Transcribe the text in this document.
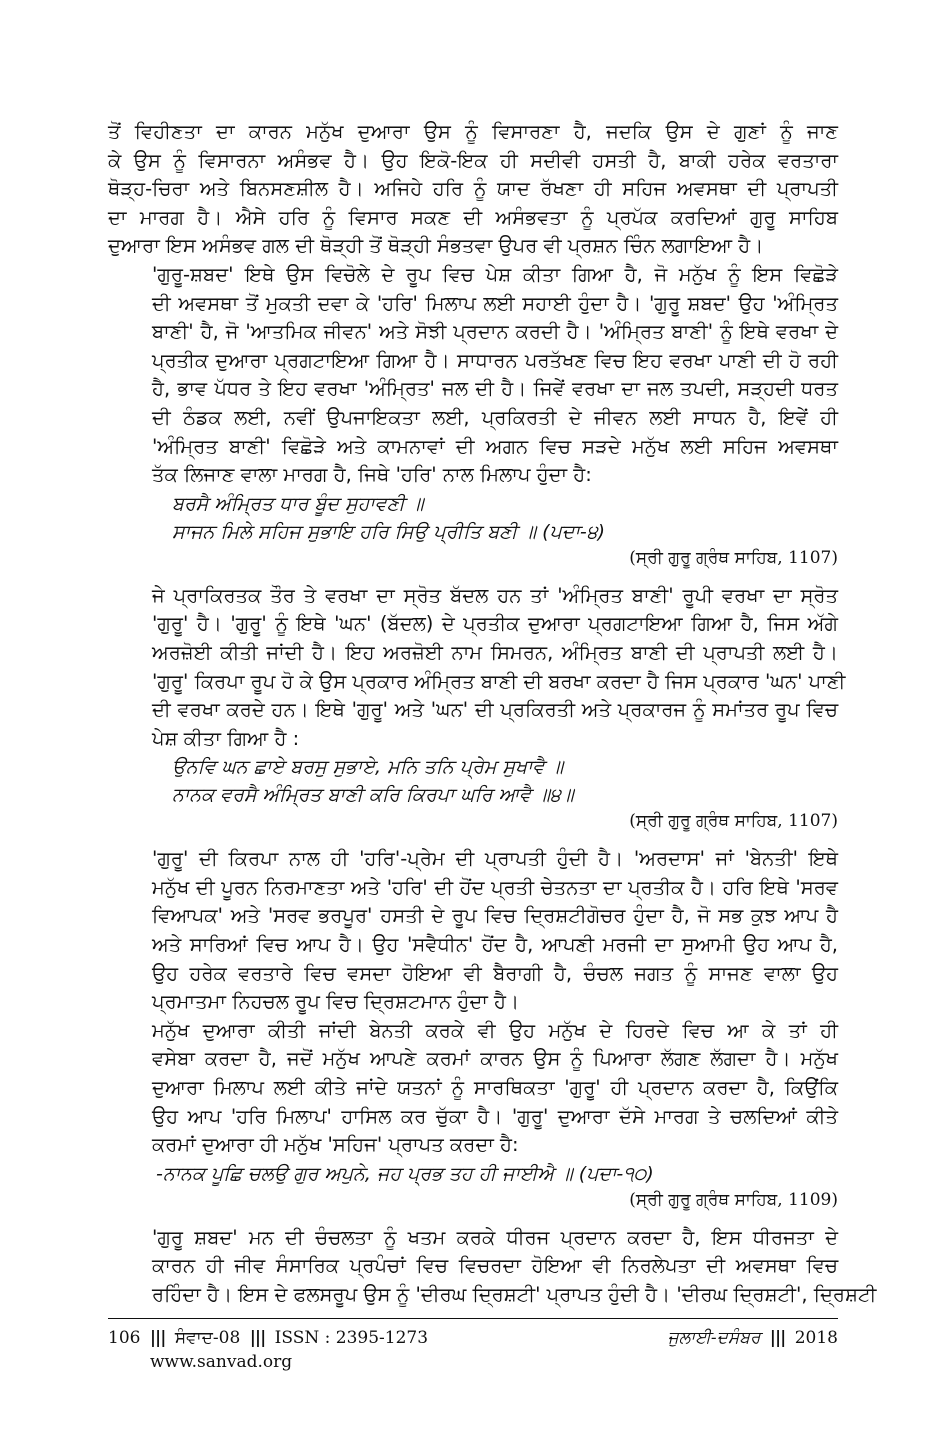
ਤੋਂ ਵਿਹੀਣਤਾ ਦਾ ਕਾਰਨ ਮਨੁੱਖ ਦੁਆਰਾ ਉਸ ਨੂੰ ਵਿਸਾਰਣਾ ਹੈ, ਜਦਕਿ ਉਸ ਦੇ ਗੁਣਾਂ ਨੂੰ ਜਾਣ
ਕੇ ਉਸ ਨੂੰ ਵਿਸਾਰਨਾ ਅਸੰਭਵ ਹੈ। ਉਹ ਇਕੋ-ਇਕ ਹੀ ਸਦੀਵੀ ਹਸਤੀ ਹੈ, ਬਾਕੀ ਹਰੇਕ ਵਰਤਾਰਾ
ਥੋੜ੍ਹ-ਚਿਰਾ ਅਤੇ ਬਿਨਸਣਸ਼ੀਲ ਹੈ। ਅਜਿਹੇ ਹਰਿ ਨੂੰ ਯਾਦ ਰੱਖਣਾ ਹੀ ਸਹਿਜ ਅਵਸਥਾ ਦੀ ਪ੍ਰਾਪਤੀ
ਦਾ ਮਾਰਗ ਹੈ। ਐਸੇ ਹਰਿ ਨੂੰ ਵਿਸਾਰ ਸਕਣ ਦੀ ਅਸੰਭਵਤਾ ਨੂੰ ਪ੍ਰਪੱਕ ਕਰਦਿਆਂ ਗੁਰੂ ਸਾਹਿਬ
ਦੁਆਰਾ ਇਸ ਅਸੰਭਵ ਗਲ ਦੀ ਥੋੜ੍ਹੀ ਤੋਂ ਥੋੜ੍ਹੀ ਸੰਭਤਵਾ ਉਪਰ ਵੀ ਪ੍ਰਸ਼ਨ ਚਿੰਨ ਲਗਾਇਆ ਹੈ।

'ਗੁਰੂ-ਸ਼ਬਦ' ਇਥੇ ਉਸ ਵਿਚੋਲੇ ਦੇ ਰੂਪ ਵਿਚ ਪੇਸ਼ ਕੀਤਾ ਗਿਆ ਹੈ, ਜੋ ਮਨੁੱਖ ਨੂੰ ਇਸ ਵਿਛੋੜੇ
ਦੀ ਅਵਸਥਾ ਤੋਂ ਮੁਕਤੀ ਦਵਾ ਕੇ 'ਹਰਿ' ਮਿਲਾਪ ਲਈ ਸਹਾਈ ਹੁੰਦਾ ਹੈ। 'ਗੁਰੂ ਸ਼ਬਦ' ਉਹ 'ਅੰਮ੍ਰਿਤ
ਬਾਣੀ' ਹੈ, ਜੋ 'ਆਤਮਿਕ ਜੀਵਨ' ਅਤੇ ਸੋਝੀ ਪ੍ਰਦਾਨ ਕਰਦੀ ਹੈ। 'ਅੰਮ੍ਰਿਤ ਬਾਣੀ' ਨੂੰ ਇਥੇ ਵਰਖਾ ਦੇ
ਪ੍ਰਤੀਕ ਦੁਆਰਾ ਪ੍ਰਗਟਾਇਆ ਗਿਆ ਹੈ। ਸਾਧਾਰਨ ਪਰਤੱਖਣ ਵਿਚ ਇਹ ਵਰਖਾ ਪਾਣੀ ਦੀ ਹੋ ਰਹੀ
ਹੈ, ਭਾਵ ਪੱਧਰ ਤੇ ਇਹ ਵਰਖਾ 'ਅੰਮ੍ਰਿਤ' ਜਲ ਦੀ ਹੈ। ਜਿਵੇਂ ਵਰਖਾ ਦਾ ਜਲ ਤਪਦੀ, ਸੜ੍ਹਦੀ ਧਰਤ
ਦੀ ਠੰਡਕ ਲਈ, ਨਵੀਂ ਉਪਜਾਇਕਤਾ ਲਈ, ਪ੍ਰਕਿਰਤੀ ਦੇ ਜੀਵਨ ਲਈ ਸਾਧਨ ਹੈ, ਇਵੇਂ ਹੀ
'ਅੰਮ੍ਰਿਤ ਬਾਣੀ' ਵਿਛੋੜੇ ਅਤੇ ਕਾਮਨਾਵਾਂ ਦੀ ਅਗਨ ਵਿਚ ਸੜਦੇ ਮਨੁੱਖ ਲਈ ਸਹਿਜ ਅਵਸਥਾ
ਤੱਕ ਲਿਜਾਣ ਵਾਲਾ ਮਾਰਗ ਹੈ, ਜਿਥੇ 'ਹਰਿ' ਨਾਲ ਮਿਲਾਪ ਹੁੰਦਾ ਹੈ:

ਬਰਸੈ ਅੰਮ੍ਰਿਤ ਧਾਰ ਬੂੰਦ ਸੁਹਾਵਣੀ ॥
ਸਾਜਨ ਮਿਲੇ ਸਹਿਜ ਸੁਭਾਇ ਹਰਿ ਸਿਉ ਪ੍ਰੀਤਿ ਬਣੀ ॥ (ਪਦਾ-੪)

(ਸ੍ਰੀ ਗੁਰੂ ਗ੍ਰੰਥ ਸਾਹਿਬ, 1107)

ਜੇ ਪ੍ਰਾਕਿਰਤਕ ਤੌਰ ਤੇ ਵਰਖਾ ਦਾ ਸ੍ਰੋਤ ਬੱਦਲ ਹਨ ਤਾਂ 'ਅੰਮ੍ਰਿਤ ਬਾਣੀ' ਰੂਪੀ ਵਰਖਾ ਦਾ ਸ੍ਰੋਤ
'ਗੁਰੂ' ਹੈ। 'ਗੁਰੂ' ਨੂੰ ਇਥੇ 'ਘਨ' (ਬੱਦਲ) ਦੇ ਪ੍ਰਤੀਕ ਦੁਆਰਾ ਪ੍ਰਗਟਾਇਆ ਗਿਆ ਹੈ, ਜਿਸ ਅੱਗੇ
ਅਰਜ਼ੋਈ ਕੀਤੀ ਜਾਂਦੀ ਹੈ। ਇਹ ਅਰਜ਼ੋਈ ਨਾਮ ਸਿਮਰਨ, ਅੰਮ੍ਰਿਤ ਬਾਣੀ ਦੀ ਪ੍ਰਾਪਤੀ ਲਈ ਹੈ।
'ਗੁਰੂ' ਕਿਰਪਾ ਰੂਪ ਹੋ ਕੇ ਉਸ ਪ੍ਰਕਾਰ ਅੰਮ੍ਰਿਤ ਬਾਣੀ ਦੀ ਬਰਖਾ ਕਰਦਾ ਹੈ ਜਿਸ ਪ੍ਰਕਾਰ 'ਘਨ' ਪਾਣੀ
ਦੀ ਵਰਖਾ ਕਰਦੇ ਹਨ। ਇਥੇ 'ਗੁਰੂ' ਅਤੇ 'ਘਨ' ਦੀ ਪ੍ਰਕਿਰਤੀ ਅਤੇ ਪ੍ਰਕਾਰਜ ਨੂੰ ਸਮਾਂਤਰ ਰੂਪ ਵਿਚ
ਪੇਸ਼ ਕੀਤਾ ਗਿਆ ਹੈ :

ਉਨਵਿ ਘਨ ਛਾਏ ਬਰਸੁ ਸੁਭਾਏ, ਮਨਿ ਤਨਿ ਪ੍ਰੇਮ ਸੁਖਾਵੈ ॥
ਨਾਨਕ ਵਰਸੈ ਅੰਮ੍ਰਿਤ ਬਾਣੀ ਕਰਿ ਕਿਰਪਾ ਘਰਿ ਆਵੈ ॥੪॥

(ਸ੍ਰੀ ਗੁਰੂ ਗ੍ਰੰਥ ਸਾਹਿਬ, 1107)

'ਗੁਰੂ' ਦੀ ਕਿਰਪਾ ਨਾਲ ਹੀ 'ਹਰਿ'-ਪ੍ਰੇਮ ਦੀ ਪ੍ਰਾਪਤੀ ਹੁੰਦੀ ਹੈ। 'ਅਰਦਾਸ' ਜਾਂ 'ਬੇਨਤੀ' ਇਥੇ
ਮਨੁੱਖ ਦੀ ਪੂਰਨ ਨਿਰਮਾਣਤਾ ਅਤੇ 'ਹਰਿ' ਦੀ ਹੋਂਦ ਪ੍ਰਤੀ ਚੇਤਨਤਾ ਦਾ ਪ੍ਰਤੀਕ ਹੈ। ਹਰਿ ਇਥੇ 'ਸਰਵ
ਵਿਆਪਕ' ਅਤੇ 'ਸਰਵ ਭਰਪੂਰ' ਹਸਤੀ ਦੇ ਰੂਪ ਵਿਚ ਦ੍ਰਿਸ਼ਟੀਗੋਚਰ ਹੁੰਦਾ ਹੈ, ਜੋ ਸਭ ਕੁਝ ਆਪ ਹੈ
ਅਤੇ ਸਾਰਿਆਂ ਵਿਚ ਆਪ ਹੈ। ਉਹ 'ਸਵੈਧੀਨ' ਹੋਂਦ ਹੈ, ਆਪਣੀ ਮਰਜੀ ਦਾ ਸੁਆਮੀ ਉਹ ਆਪ ਹੈ,
ਉਹ ਹਰੇਕ ਵਰਤਾਰੇ ਵਿਚ ਵਸਦਾ ਹੋਇਆ ਵੀ ਬੈਰਾਗੀ ਹੈ, ਚੰਚਲ ਜਗਤ ਨੂੰ ਸਾਜਣ ਵਾਲਾ ਉਹ
ਪ੍ਰਮਾਤਮਾ ਨਿਹਚਲ ਰੂਪ ਵਿਚ ਦ੍ਰਿਸ਼ਟਮਾਨ ਹੁੰਦਾ ਹੈ।

ਮਨੁੱਖ ਦੁਆਰਾ ਕੀਤੀ ਜਾਂਦੀ ਬੇਨਤੀ ਕਰਕੇ ਵੀ ਉਹ ਮਨੁੱਖ ਦੇ ਹਿਰਦੇ ਵਿਚ ਆ ਕੇ ਤਾਂ ਹੀ
ਵਸੇਬਾ ਕਰਦਾ ਹੈ, ਜਦੋਂ ਮਨੁੱਖ ਆਪਣੇ ਕਰਮਾਂ ਕਾਰਨ ਉਸ ਨੂੰ ਪਿਆਰਾ ਲੱਗਣ ਲੱਗਦਾ ਹੈ। ਮਨੁੱਖ
ਦੁਆਰਾ ਮਿਲਾਪ ਲਈ ਕੀਤੇ ਜਾਂਦੇ ਯਤਨਾਂ ਨੂੰ ਸਾਰਥਿਕਤਾ 'ਗੁਰੂ' ਹੀ ਪ੍ਰਦਾਨ ਕਰਦਾ ਹੈ, ਕਿਉਂਕਿ
ਉਹ ਆਪ 'ਹਰਿ ਮਿਲਾਪ' ਹਾਸਿਲ ਕਰ ਚੁੱਕਾ ਹੈ। 'ਗੁਰੂ' ਦੁਆਰਾ ਦੱਸੇ ਮਾਰਗ ਤੇ ਚਲਦਿਆਂ ਕੀਤੇ
ਕਰਮਾਂ ਦੁਆਰਾ ਹੀ ਮਨੁੱਖ 'ਸਹਿਜ' ਪ੍ਰਾਪਤ ਕਰਦਾ ਹੈ:

-ਨਾਨਕ ਪੂਛਿ ਚਲਉ ਗੁਰ ਅਪੁਨੇ, ਜਹ ਪ੍ਰਭ ਤਹ ਹੀ ਜਾਈਐ ॥ (ਪਦਾ-੧੦)

(ਸ੍ਰੀ ਗੁਰੂ ਗ੍ਰੰਥ ਸਾਹਿਬ, 1109)

'ਗੁਰੂ ਸ਼ਬਦ' ਮਨ ਦੀ ਚੰਚਲਤਾ ਨੂੰ ਖਤਮ ਕਰਕੇ ਧੀਰਜ ਪ੍ਰਦਾਨ ਕਰਦਾ ਹੈ, ਇਸ ਧੀਰਜਤਾ ਦੇ
ਕਾਰਨ ਹੀ ਜੀਵ ਸੰਸਾਰਿਕ ਪ੍ਰਪੰਚਾਂ ਵਿਚ ਵਿਚਰਦਾ ਹੋਇਆ ਵੀ ਨਿਰਲੇਪਤਾ ਦੀ ਅਵਸਥਾ ਵਿਚ
ਰਹਿੰਦਾ ਹੈ। ਇਸ ਦੇ ਫਲਸਰੂਪ ਉਸ ਨੂੰ 'ਦੀਰਘ ਦ੍ਰਿਸ਼ਟੀ' ਪ੍ਰਾਪਤ ਹੁੰਦੀ ਹੈ। 'ਦੀਰਘ ਦ੍ਰਿਸ਼ਟੀ', ਦ੍ਰਿਸ਼ਟੀ

106 ||| ਸੰਵਾਦ-08 ||| ISSN : 2395-1273	ਜੁਲਾਈ-ਦਸੰਬਰ ||| 2018
www.sanvad.org
